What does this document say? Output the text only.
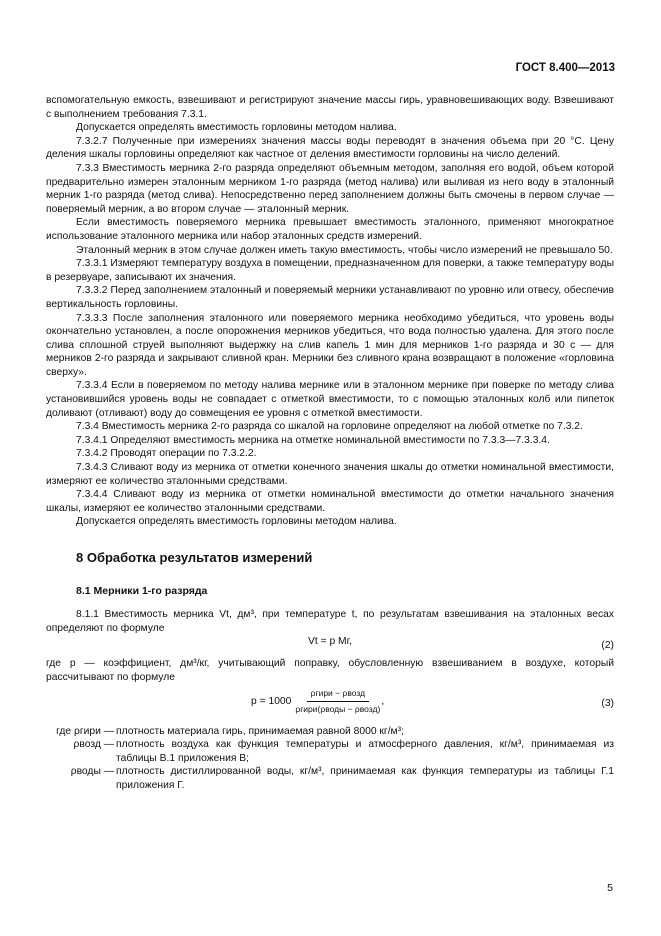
ГОСТ 8.400—2013

вспомогательную емкость, взвешивают и регистрируют значение массы гирь, уравновешивающих воду. Взвешивают с выполнением требования 7.3.1.

Допускается определять вместимость горловины методом налива.

7.3.2.7 Полученные при измерениях значения массы воды переводят в значения объема при 20 °С. Цену деления шкалы горловины определяют как частное от деления вместимости горловины на число делений.

7.3.3 Вместимость мерника 2-го разряда определяют объемным методом, заполняя его водой, объем которой предварительно измерен эталонным мерником 1-го разряда (метод налива) или выливая из него воду в эталонный мерник 1-го разряда (метод слива). Непосредственно перед заполнением должны быть смочены в первом случае — поверяемый мерник, а во втором случае — эталонный мерник.

Если вместимость поверяемого мерника превышает вместимость эталонного, применяют многократное использование эталонного мерника или набор эталонных средств измерений.

Эталонный мерник в этом случае должен иметь такую вместимость, чтобы число измерений не превышало 50.

7.3.3.1 Измеряют температуру воздуха в помещении, предназначенном для поверки, а также температуру воды в резервуаре, записывают их значения.

7.3.3.2 Перед заполнением эталонный и поверяемый мерники устанавливают по уровню или отвесу, обеспечив вертикальность горловины.

7.3.3.3 После заполнения эталонного или поверяемого мерника необходимо убедиться, что уровень воды окончательно установлен, а после опорожнения мерников убедиться, что вода полностью удалена. Для этого после слива сплошной струей выполняют выдержку на слив капель 1 мин для мерников 1-го разряда и 30 с — для мерников 2-го разряда и закрывают сливной кран. Мерники без сливного крана возвращают в положение «горловина сверху».

7.3.3.4 Если в поверяемом по методу налива мернике или в эталонном мернике при поверке по методу слива установившийся уровень воды не совпадает с отметкой вместимости, то с помощью эталонных колб или пипеток доливают (отливают) воду до совмещения ее уровня с отметкой вместимости.

7.3.4 Вместимость мерника 2-го разряда со шкалой на горловине определяют на любой отметке по 7.3.2.

7.3.4.1 Определяют вместимость мерника на отметке номинальной вместимости по 7.3.3—7.3.3.4.

7.3.4.2 Проводят операции по 7.3.2.2.

7.3.4.3 Сливают воду из мерника от отметки конечного значения шкалы до отметки номинальной вместимости, измеряют ее количество эталонными средствами.

7.3.4.4 Сливают воду из мерника от отметки номинальной вместимости до отметки начального значения шкалы, измеряют ее количество эталонными средствами.

Допускается определять вместимость горловины методом налива.

8 Обработка результатов измерений

8.1 Мерники 1-го разряда

8.1.1 Вместимость мерника Vt, дм³, при температуре t, по результатам взвешивания на эталонных весах определяют по формуле

Vt = p Mг,	(2)

где p — коэффициент, дм³/кг, учитывающий поправку, обусловленную взвешиванием в воздухе, который рассчитывают по формуле

p = 1000
ρгири − ρвозд
ρгири(ρводы − ρвозд)
,	(3)
где ρгири — плотность материала гирь, принимаемая равной 8000 кг/м³;
ρвозд — плотность воздуха как функция температуры и атмосферного давления, кг/м³, принимаемая из таблицы В.1 приложения В;
ρводы — плотность дистиллированной воды, кг/м³, принимаемая как функция температуры из таблицы Г.1 приложения Г.
5
